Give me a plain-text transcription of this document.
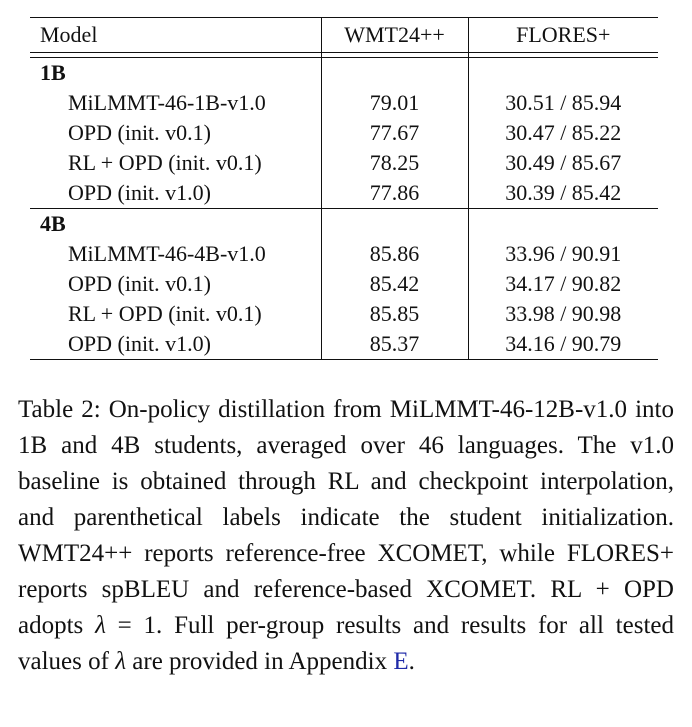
Model	WMT24++	FLORES+

1B		
MiLMMT-46-1B-v1.0	79.01	30.51 / 85.94
OPD (init. v0.1)	77.67	30.47 / 85.22
RL + OPD (init. v0.1)	78.25	30.49 / 85.67
OPD (init. v1.0)	77.86	30.39 / 85.42
4B		
MiLMMT-46-4B-v1.0	85.86	33.96 / 90.91
OPD (init. v0.1)	85.42	34.17 / 90.82
RL + OPD (init. v0.1)	85.85	33.98 / 90.98
OPD (init. v1.0)	85.37	34.16 / 90.79

Table 2: On-policy distillation from MiLMMT-46-12B-v1.0 into 1B and 4B students, averaged over 46 languages. The v1.0 baseline is obtained through RL and checkpoint interpolation, and parenthetical labels indicate the student initialization. WMT24++ reports reference-free XCOMET, while FLORES+ reports spBLEU and reference-based XCOMET. RL + OPD adopts λ = 1. Full per-group results and results for all tested values of λ are provided in Appendix E.
